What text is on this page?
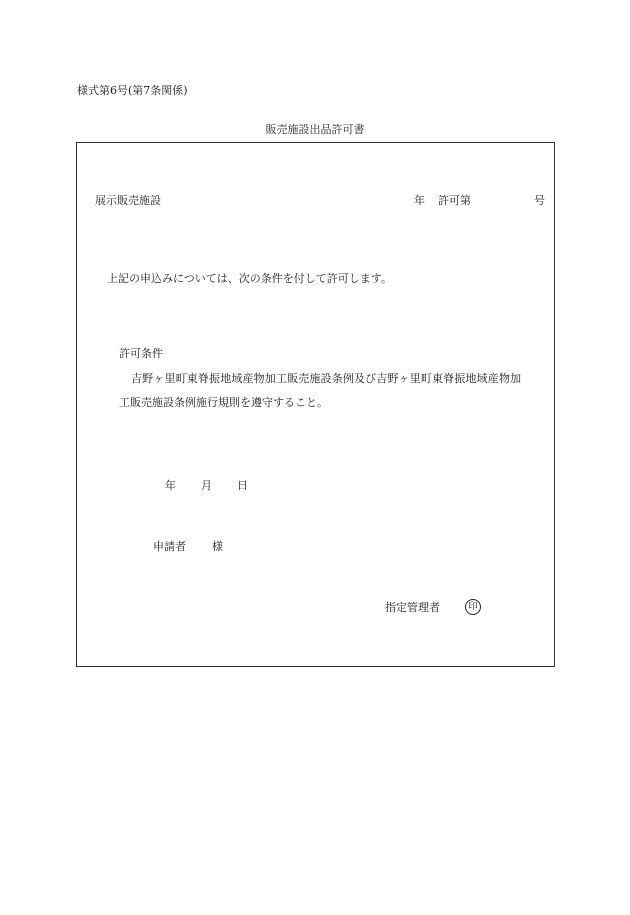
様式第6号(第7条関係)
販売施設出品許可書
展示販売施設	年 許可第	号
上記の申込みについては、次の条件を付して許可します。
許可条件
吉野ヶ里町東脊振地域産物加工販売施設条例及び吉野ヶ里町東脊振地域産物加
工販売施設条例施行規則を遵守すること。
年 月 日
申請者 様
指定管理者	印
